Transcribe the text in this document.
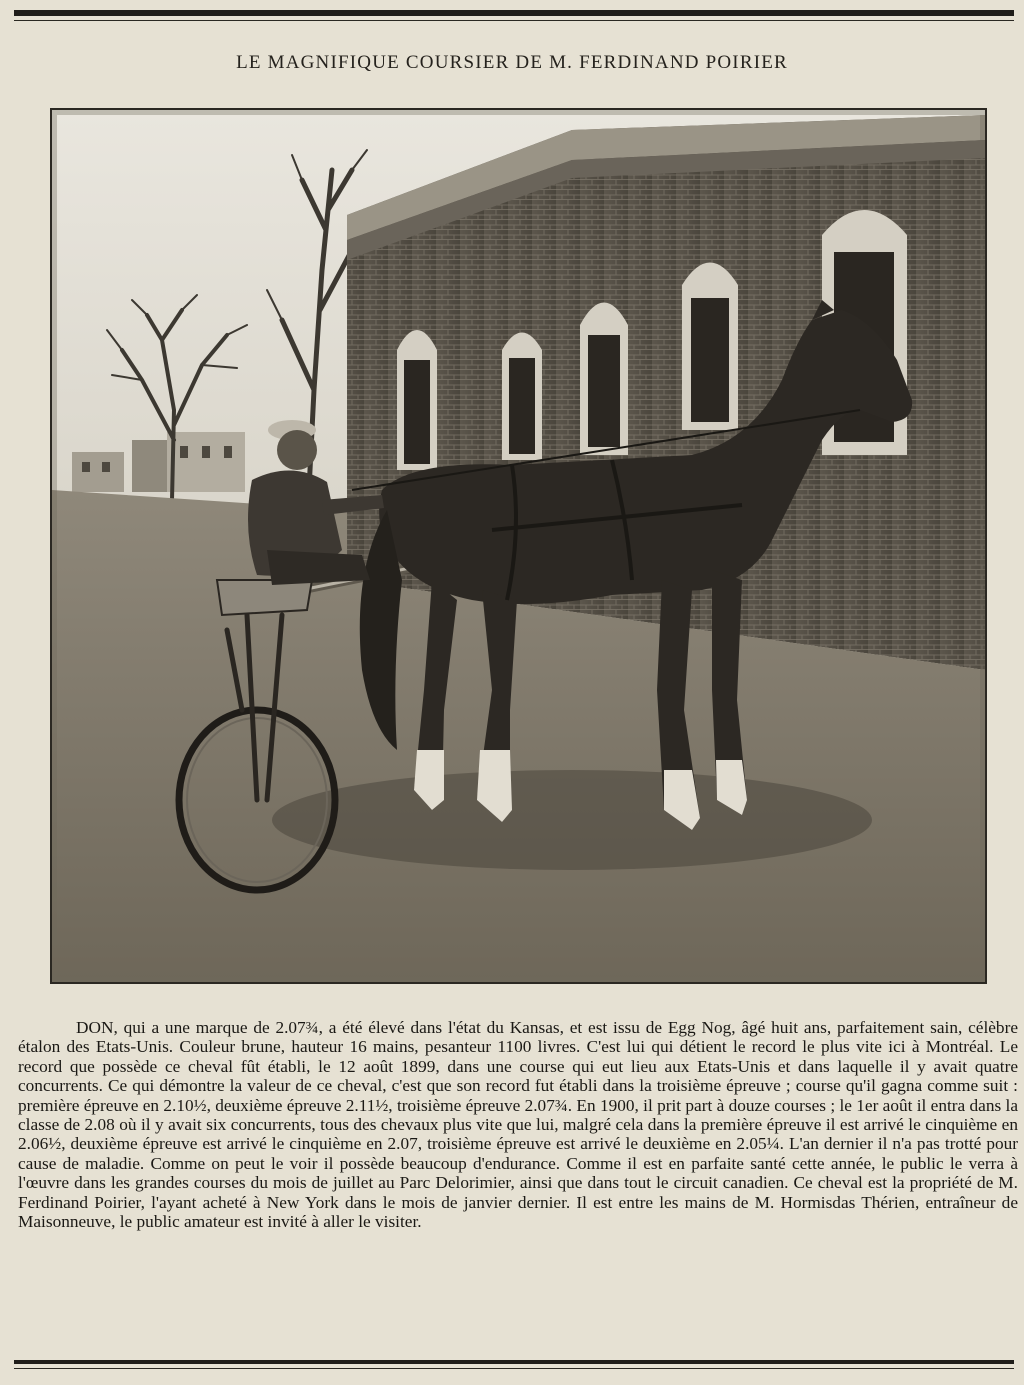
LE MAGNIFIQUE COURSIER DE M. FERDINAND POIRIER

DON, qui a une marque de 2.07¾, a été élevé dans l'état du Kansas, et est issu de Egg Nog, âgé huit ans, parfaitement sain, célèbre étalon des Etats-Unis. Couleur brune, hauteur 16 mains, pesanteur 1100 livres. C'est lui qui détient le record le plus vite ici à Montréal. Le record que possède ce cheval fût établi, le 12 août 1899, dans une course qui eut lieu aux Etats-Unis et dans laquelle il y avait quatre concurrents. Ce qui démontre la valeur de ce cheval, c'est que son record fut établi dans la troisième épreuve ; course qu'il gagna comme suit : première épreuve en 2.10½, deuxième épreuve 2.11½, troisième épreuve 2.07¾. En 1900, il prit part à douze courses ; le 1er août il entra dans la classe de 2.08 où il y avait six concurrents, tous des chevaux plus vite que lui, malgré cela dans la première épreuve il est arrivé le cinquième en 2.06½, deuxième épreuve est arrivé le cinquième en 2.07, troisième épreuve est arrivé le deuxième en 2.05¼. L'an dernier il n'a pas trotté pour cause de maladie. Comme on peut le voir il possède beaucoup d'endurance. Comme il est en parfaite santé cette année, le public le verra à l'œuvre dans les grandes courses du mois de juillet au Parc Delorimier, ainsi que dans tout le circuit canadien. Ce cheval est la propriété de M. Ferdinand Poirier, l'ayant acheté à New York dans le mois de janvier dernier. Il est entre les mains de M. Hormisdas Thérien, entraîneur de Maisonneuve, le public amateur est invité à aller le visiter.
